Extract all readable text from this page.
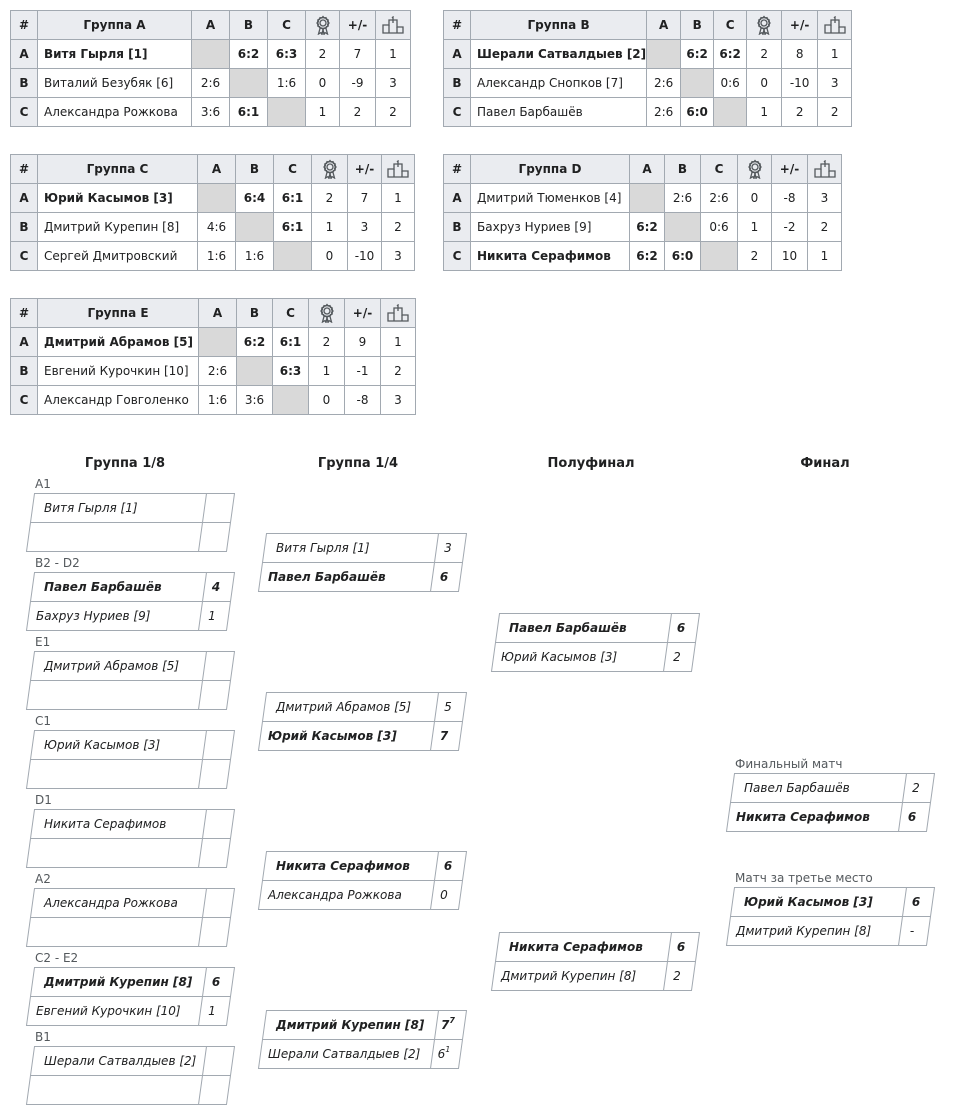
#	Группа A	A	B	C		+/-	

A	Витя Гырля [1]		6:2	6:3	2	7	1
B	Виталий Безубяк [6]	2:6		1:6	0	-9	3
C	Александра Рожкова	3:6	6:1		1	2	2
#	Группа B	A	B	C		+/-	

A	Шерали Сатвалдыев [2]		6:2	6:2	2	8	1
B	Александр Снопков [7]	2:6		0:6	0	-10	3
C	Павел Барбашёв	2:6	6:0		1	2	2
#	Группа C	A	B	C		+/-	

A	Юрий Касымов [3]		6:4	6:1	2	7	1
B	Дмитрий Курепин [8]	4:6		6:1	1	3	2
C	Сергей Дмитровский	1:6	1:6		0	-10	3
#	Группа D	A	B	C		+/-	

A	Дмитрий Тюменков [4]		2:6	2:6	0	-8	3
B	Бахруз Нуриев [9]	6:2		0:6	1	-2	2
C	Никита Серафимов	6:2	6:0		2	10	1
#	Группа E	A	B	C		+/-	

A	Дмитрий Абрамов [5]		6:2	6:1	2	9	1
B	Евгений Курочкин [10]	2:6		6:3	1	-1	2
C	Александр Говголенко	1:6	3:6		0	-8	3
Группа 1/8	Группа 1/4	Полуфинал	Финал
A1
Витя Гырля [1]
B2 - D2
Павел Барбашёв	4
Бахруз Нуриев [9]	1
E1
Дмитрий Абрамов [5]
C1
Юрий Касымов [3]
D1
Никита Серафимов
A2
Александра Рожкова
C2 - E2
Дмитрий Курепин [8]	6
Евгений Курочкин [10]	1
B1
Шерали Сатвалдыев [2]
Витя Гырля [1]	3
Павел Барбашёв	6
Дмитрий Абрамов [5]	5
Юрий Касымов [3]	7
Никита Серафимов	6
Александра Рожкова	0
Дмитрий Курепин [8]	$7^7$
Шерали Сатвалдыев [2]	$6^1$
Павел Барбашёв	6
Юрий Касымов [3]	2
Никита Серафимов	6
Дмитрий Курепин [8]	2
Финальный матч
Павел Барбашёв	2
Никита Серафимов	6
Матч за третье место
Юрий Касымов [3]	6
Дмитрий Курепин [8]	-
